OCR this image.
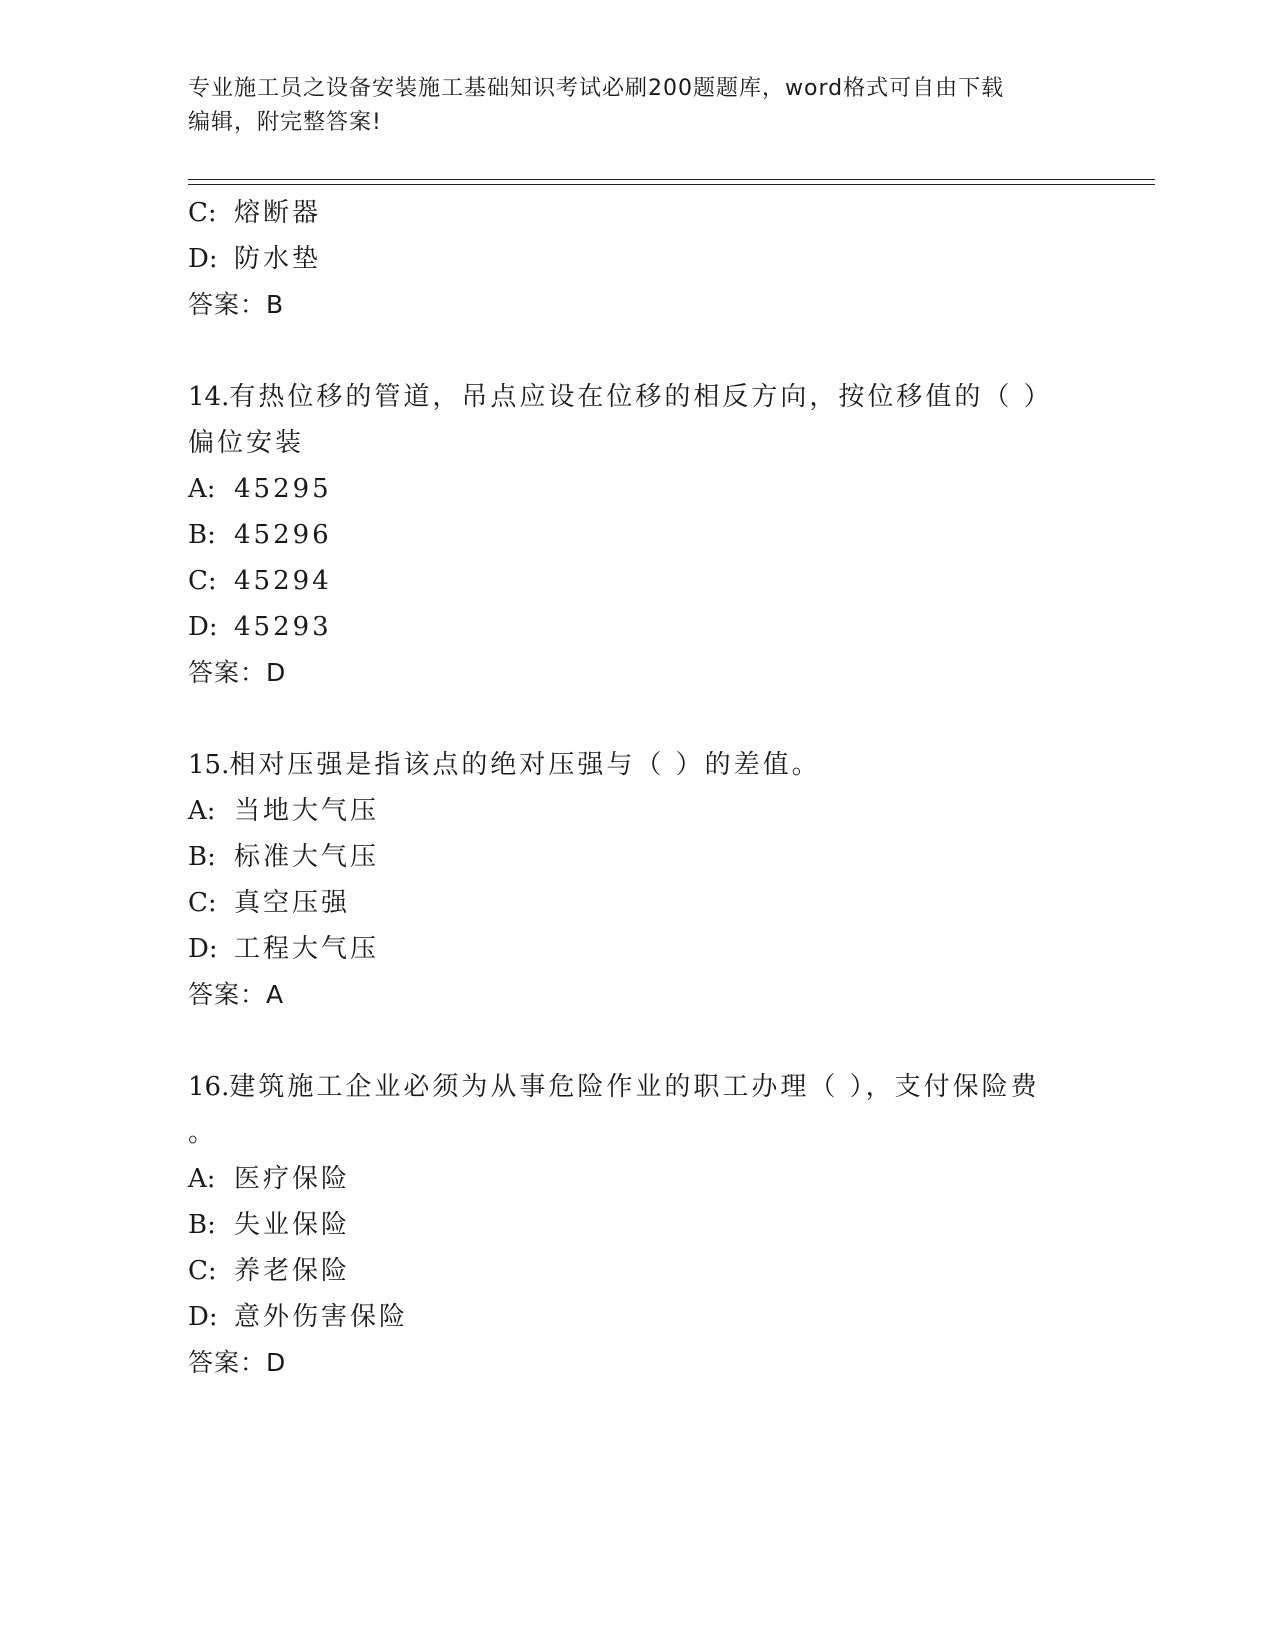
专业施工员之设备安装施工基础知识考试必刷200题题库，word格式可自由下载
编辑，附完整答案!
C: 熔断器
D: 防水垫
答案：B
14.有热位移的管道，吊点应设在位移的相反方向，按位移值的（ ）
偏位安装
A: 45295
B: 45296
C: 45294
D: 45293
答案：D
15.相对压强是指该点的绝对压强与（ ）的差值。
A: 当地大气压
B: 标准大气压
C: 真空压强
D: 工程大气压
答案：A
16.建筑施工企业必须为从事危险作业的职工办理（ ），支付保险费
。
A: 医疗保险
B: 失业保险
C: 养老保险
D: 意外伤害保险
答案：D
